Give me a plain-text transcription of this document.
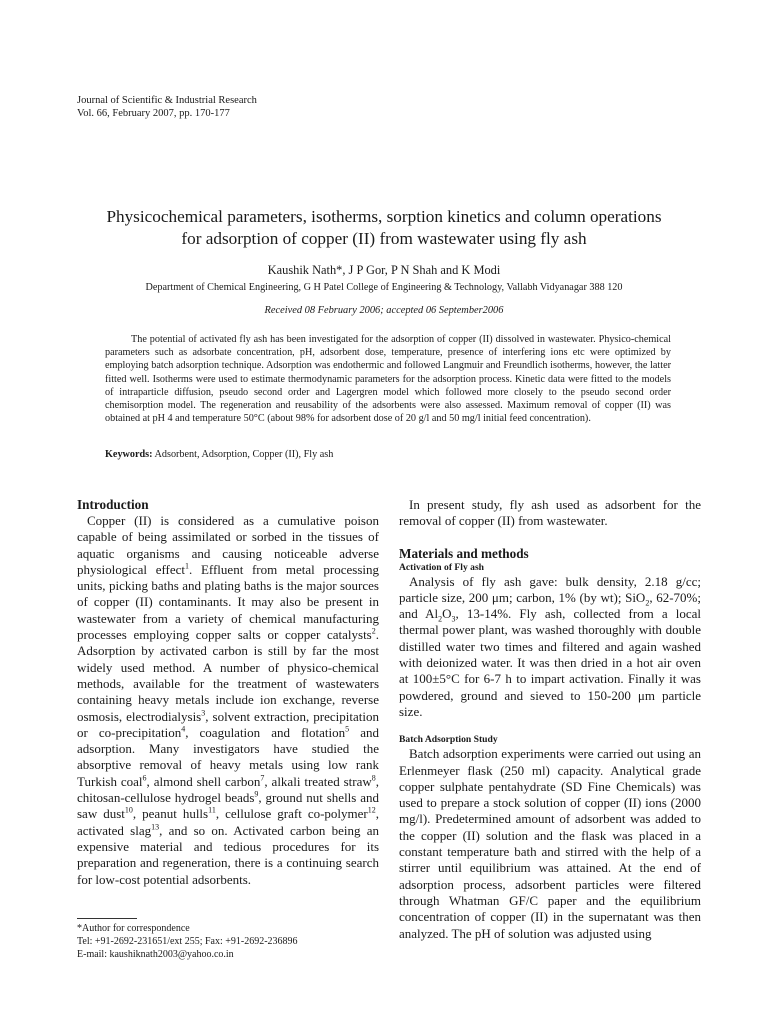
Journal of Scientific & Industrial Research
Vol. 66, February 2007, pp. 170-177
Physicochemical parameters, isotherms, sorption kinetics and column operations
for adsorption of copper (II) from wastewater using fly ash
Kaushik Nath*, J P Gor, P N Shah and K Modi
Department of Chemical Engineering, G H Patel College of Engineering & Technology, Vallabh Vidyanagar 388 120
Received 08 February 2006; accepted 06 September2006

The potential of activated fly ash has been investigated for the adsorption of copper (II) dissolved in wastewater. Physico-chemical parameters such as adsorbate concentration, pH, adsorbent dose, temperature, presence of interfering ions etc were optimized by employing batch adsorption technique. Adsorption was endothermic and followed Langmuir and Freundlich isotherms, however, the latter fitted well. Isotherms were used to estimate thermodynamic parameters for the adsorption process. Kinetic data were fitted to the models of intraparticle diffusion, pseudo second order and Lagergren model which followed more closely to the pseudo second order chemisorption model. The regeneration and reusability of the adsorbents were also assessed. Maximum removal of copper (II) was obtained at pH 4 and temperature 50°C (about 98% for adsorbent dose of 20 g/l and 50 mg/l initial feed concentration).

Keywords: Adsorbent, Adsorption, Copper (II), Fly ash

Introduction

Copper (II) is considered as a cumulative poison capable of being assimilated or sorbed in the tissues of aquatic organisms and causing noticeable adverse physiological effect$^1$. Effluent from metal processing units, picking baths and plating baths is the major sources of copper (II) contaminants. It may also be present in wastewater from a variety of chemical manufacturing processes employing copper salts or copper catalysts$^2$. Adsorption by activated carbon is still by far the most widely used method. A number of physico-chemical methods, available for the treatment of wastewaters containing heavy metals include ion exchange, reverse osmosis, electrodialysis$^3$, solvent extraction, precipitation or co-precipitation$^4$, coagulation and flotation$^5$ and adsorption. Many investigators have studied the absorptive removal of heavy metals using low rank Turkish coal$^6$, almond shell carbon$^7$, alkali treated straw$^8$, chitosan-cellulose hydrogel beads$^9$, ground nut shells and saw dust$^{10}$, peanut hulls$^{11}$, cellulose graft co-polymer$^{12}$, activated slag$^{13}$, and so on. Activated carbon being an expensive material and tedious procedures for its preparation and regeneration, there is a continuing search for low-cost potential adsorbents.

In present study, fly ash used as adsorbent for the removal of copper (II) from wastewater.

Materials and methods
Activation of Fly ash

Analysis of fly ash gave: bulk density, 2.18 g/cc; particle size, 200 μm; carbon, 1% (by wt); SiO$_2$, 62-70%; and $Al_2O_3$, 13-14%. Fly ash, collected from a local thermal power plant, was washed thoroughly with double distilled water two times and filtered and again washed with deionized water. It was then dried in a hot air oven at 100±5°C for 6-7 h to impart activation. Finally it was powdered, ground and sieved to 150-200 μm particle size.

Batch Adsorption Study

Batch adsorption experiments were carried out using an Erlenmeyer flask (250 ml) capacity. Analytical grade copper sulphate pentahydrate (SD Fine Chemicals) was used to prepare a stock solution of copper (II) ions (2000 mg/l). Predetermined amount of adsorbent was added to the copper (II) solution and the flask was placed in a constant temperature bath and stirred with the help of a stirrer until equilibrium was attained. At the end of adsorption process, adsorbent particles were filtered through Whatman GF/C paper and the equilibrium concentration of copper (II) in the supernatant was then analyzed. The pH of solution was adjusted using

*Author for correspondence
Tel: +91-2692-231651/ext 255; Fax: +91-2692-236896
E-mail: kaushiknath2003@yahoo.co.in
